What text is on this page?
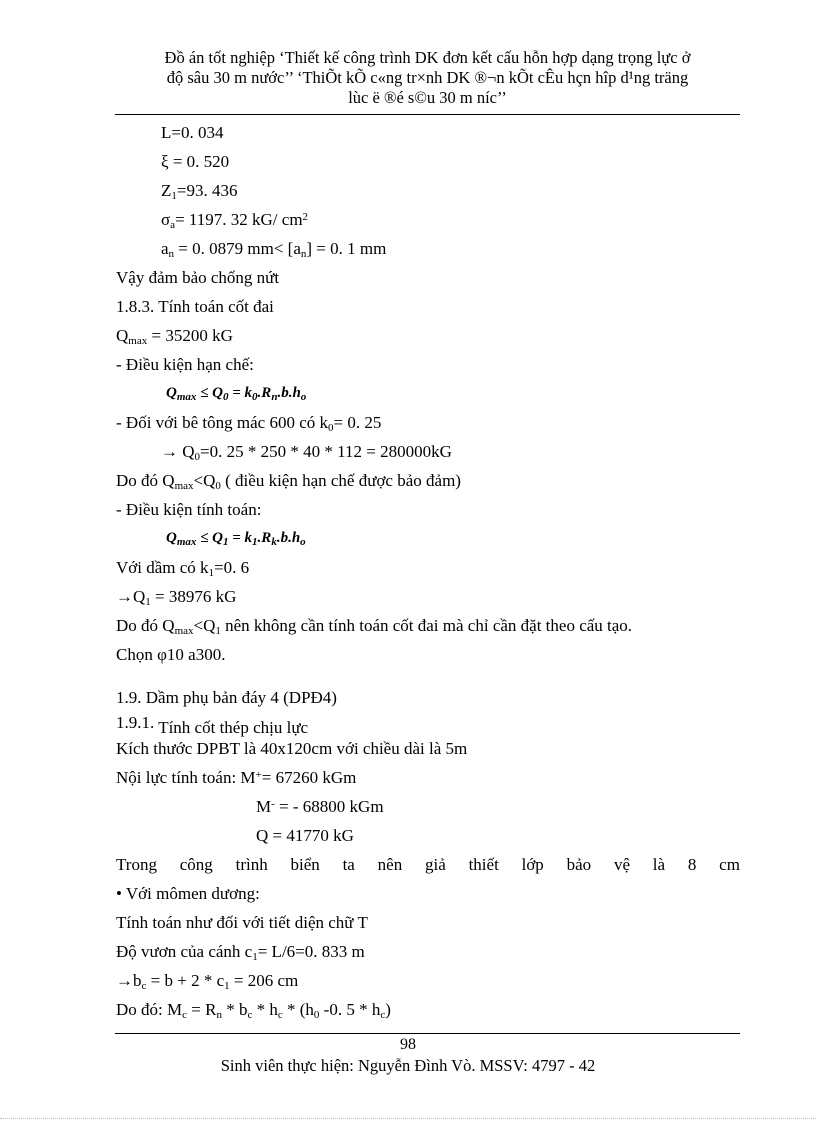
Đồ án tốt nghiệp ‘Thiết kế công trình DK đơn kết cấu hỗn hợp dạng trọng lực ở
độ sâu 30 m nước’’ ‘ThiÕt kÕ c«ng tr×nh DK ®¬n kÕt cÊu hçn hîp d¹ng träng
lùc ë ®é s©u 30 m níc’’
L=0. 034
ξ = 0. 520
$Z_1=93$. 436
$\sigma_a= 1197$. 32 kG/ $cm^2$
$a_n = 0$. 0879 $mm< [a_n] = 0$. 1 mm
Vậy đảm bảo chống nứt
1.8.3. Tính toán cốt đai
$Q_{max} = 35200$ kG
- Điều kiện hạn chế:
$Q_{max} \le Q_0 = k_0.R_n.b.h_o$
- Đối với bê tông mác 600 có $k_0= 0$. 25
→ $Q_0=0$. 25 * 250 * 40 * 112 = 280000kG
Do đó $Q_{max}<Q_0$ ( điều kiện hạn chế được bảo đảm)
- Điều kiện tính toán:
$Q_{max} \le Q_1 = k_1.R_k.b.h_o$
Với dầm có $k_1=0$. 6
$\to Q_1 = 38976$ kG
Do đó $Q_{max}<Q_1$ nên không cần tính toán cốt đai mà chỉ cần đặt theo cấu tạo.
Chọn φ10 a300.
1.9. Dầm phụ bản đáy 4 (DPĐ4)
1.9.1. Tính cốt thép chịu lực
Kích thước DPBT là 40x120cm với chiều dài là 5m
Nội lực tính toán: M+= 67260 kGm
M- = - 68800 kGm
Q = 41770 kG
Trong công trình biển ta nên giả thiết lớp bảo vệ là 8 cm
• Với mômen dương:
Tính toán như đối với tiết diện chữ T
Độ vươn của cánh $c_1= L/6=0$. 833 m
$\to b_c = b + 2 * c_1 = 206$ cm
Do đó: $M_c = R_n * b_c * h_c * (h_0$ -0. $5 * h_c$)
98
Sinh viên thực hiện: Nguyễn Đình Vò. MSSV: 4797 - 42
